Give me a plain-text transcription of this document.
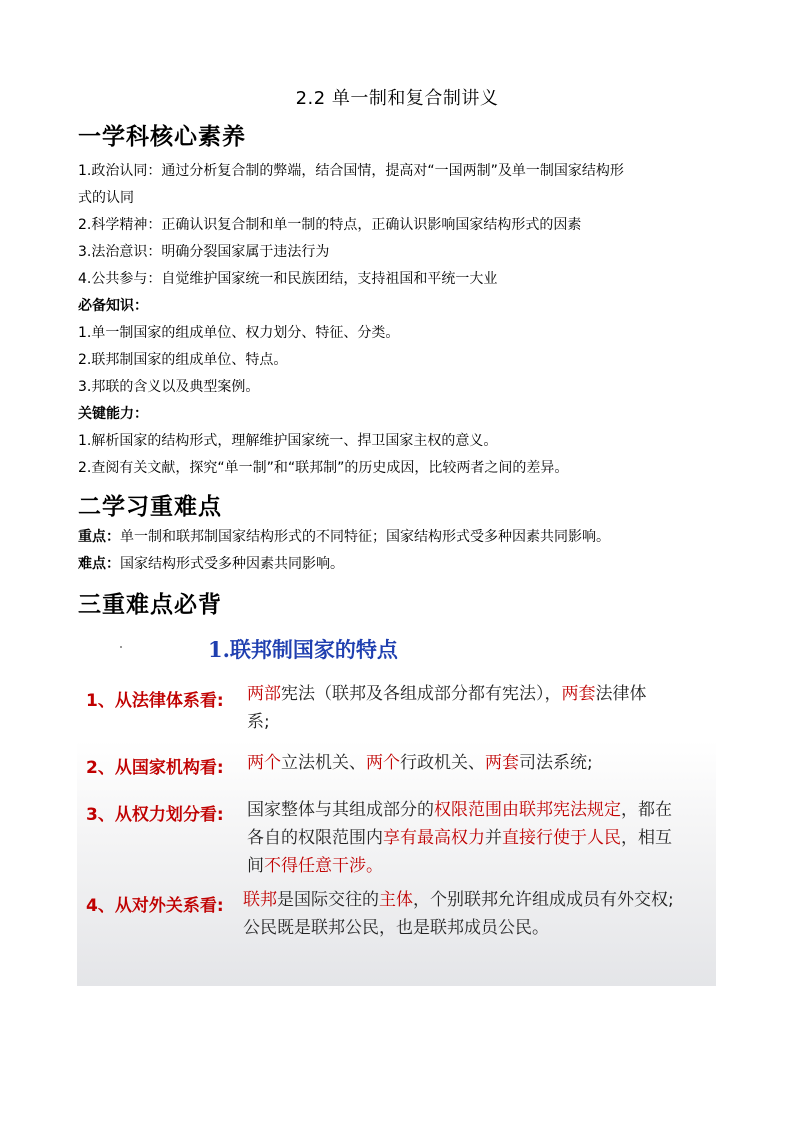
2.2 单一制和复合制讲义
一学科核心素养
1.政治认同：通过分析复合制的弊端，结合国情，提高对“一国两制”及单一制国家结构形
式的认同
2.科学精神：正确认识复合制和单一制的特点，正确认识影响国家结构形式的因素
3.法治意识：明确分裂国家属于违法行为
4.公共参与：自觉维护国家统一和民族团结，支持祖国和平统一大业
必备知识：
1.单一制国家的组成单位、权力划分、特征、分类。
2.联邦制国家的组成单位、特点。
3.邦联的含义以及典型案例。
关键能力：
1.解析国家的结构形式，理解维护国家统一、捍卫国家主权的意义。
2.查阅有关文献，探究“单一制”和“联邦制”的历史成因，比较两者之间的差异。
二学习重难点
重点：单一制和联邦制国家结构形式的不同特征；国家结构形式受多种因素共同影响。
难点：国家结构形式受多种因素共同影响。
三重难点必背
1.联邦制国家的特点
1、从法律体系看: 两部宪法（联邦及各组成部分都有宪法），两套法律体
系;
2、从国家机构看: 两个立法机关、两个行政机关、两套司法系统;
3、从权力划分看: 国家整体与其组成部分的权限范围由联邦宪法规定，都在
各自的权限范围内享有最高权力并直接行使于人民，相互
间不得任意干涉。
4、从对外关系看: 联邦是国际交往的主体，个别联邦允许组成成员有外交权;
公民既是联邦公民，也是联邦成员公民。
